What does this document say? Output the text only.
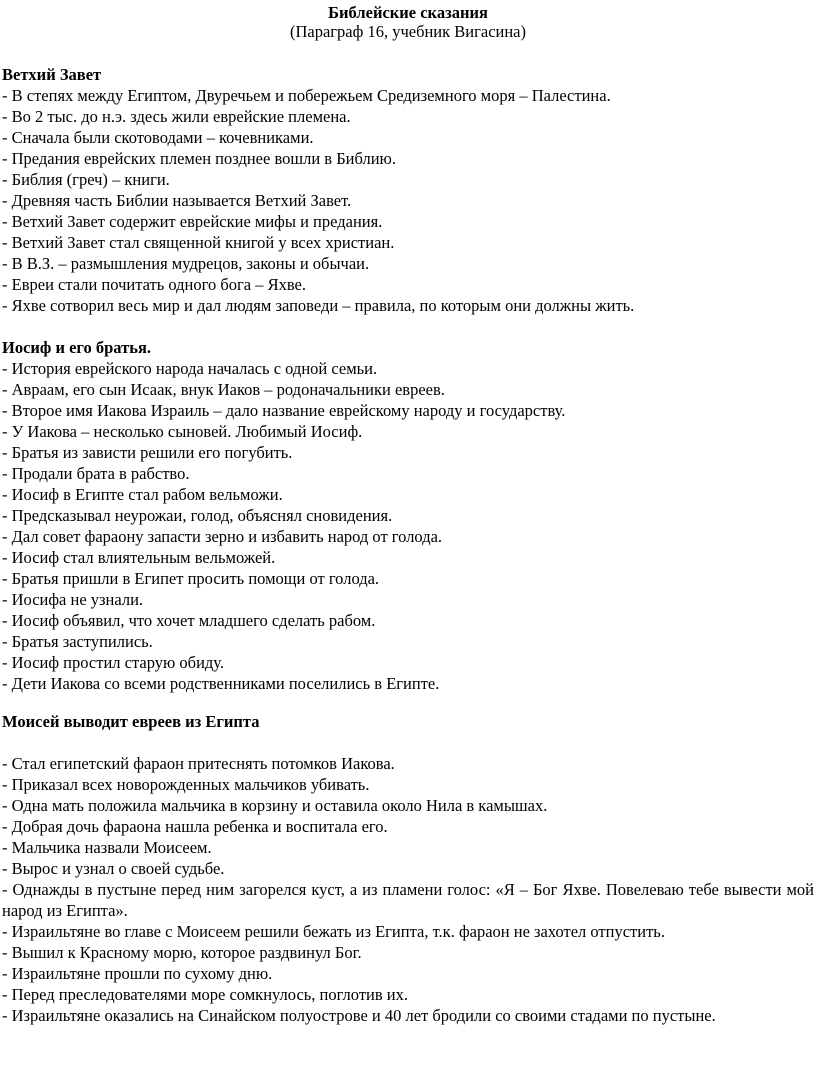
Библейские сказания
(Параграф 16, учебник Вигасина)

Ветхий Завет

- В степях между Египтом, Двуречьем и побережьем Средиземного моря – Палестина.

- Во 2 тыс. до н.э. здесь жили еврейские племена.

- Сначала были скотоводами – кочевниками.

- Предания еврейских племен позднее вошли в Библию.

- Библия (греч) – книги.

- Древняя часть Библии называется Ветхий Завет.

- Ветхий Завет содержит еврейские мифы и предания.

- Ветхий Завет стал священной книгой у всех христиан.

- В В.З. – размышления мудрецов, законы и обычаи.

- Евреи стали почитать одного бога – Яхве.

- Яхве сотворил весь мир и дал людям заповеди – правила, по которым они должны жить.

Иосиф и его братья.

- История еврейского народа началась с одной семьи.

- Авраам, его сын Исаак, внук Иаков – родоначальники евреев.

- Второе имя Иакова Израиль – дало название еврейскому народу и государству.

- У Иакова – несколько сыновей. Любимый Иосиф.

- Братья из зависти решили его погубить.

- Продали брата в рабство.

- Иосиф в Египте стал рабом вельможи.

- Предсказывал неурожаи, голод, объяснял сновидения.

- Дал совет фараону запасти зерно и избавить народ от голода.

- Иосиф стал влиятельным вельможей.

- Братья пришли в Египет просить помощи от голода.

- Иосифа не узнали.

- Иосиф объявил, что хочет младшего сделать рабом.

- Братья заступились.

- Иосиф простил старую обиду.

- Дети Иакова со всеми родственниками поселились в Египте.

Моисей выводит евреев из Египта

- Стал египетский фараон притеснять потомков Иакова.

- Приказал всех новорожденных мальчиков убивать.

- Одна мать положила мальчика в корзину и оставила около Нила в камышах.

- Добрая дочь фараона нашла ребенка и воспитала его.

- Мальчика назвали Моисеем.

- Вырос и узнал о своей судьбе.

- Однажды в пустыне перед ним загорелся куст, а из пламени голос: «Я – Бог Яхве. Повелеваю тебе вывести мой народ из Египта».

- Израильтяне во главе с Моисеем решили бежать из Египта, т.к. фараон не захотел отпустить.

- Вышил к Красному морю, которое раздвинул Бог.

- Израильтяне прошли по сухому дню.

- Перед преследователями море сомкнулось, поглотив их.

- Израильтяне оказались на Синайском полуострове и 40 лет бродили со своими стадами по пустыне.
